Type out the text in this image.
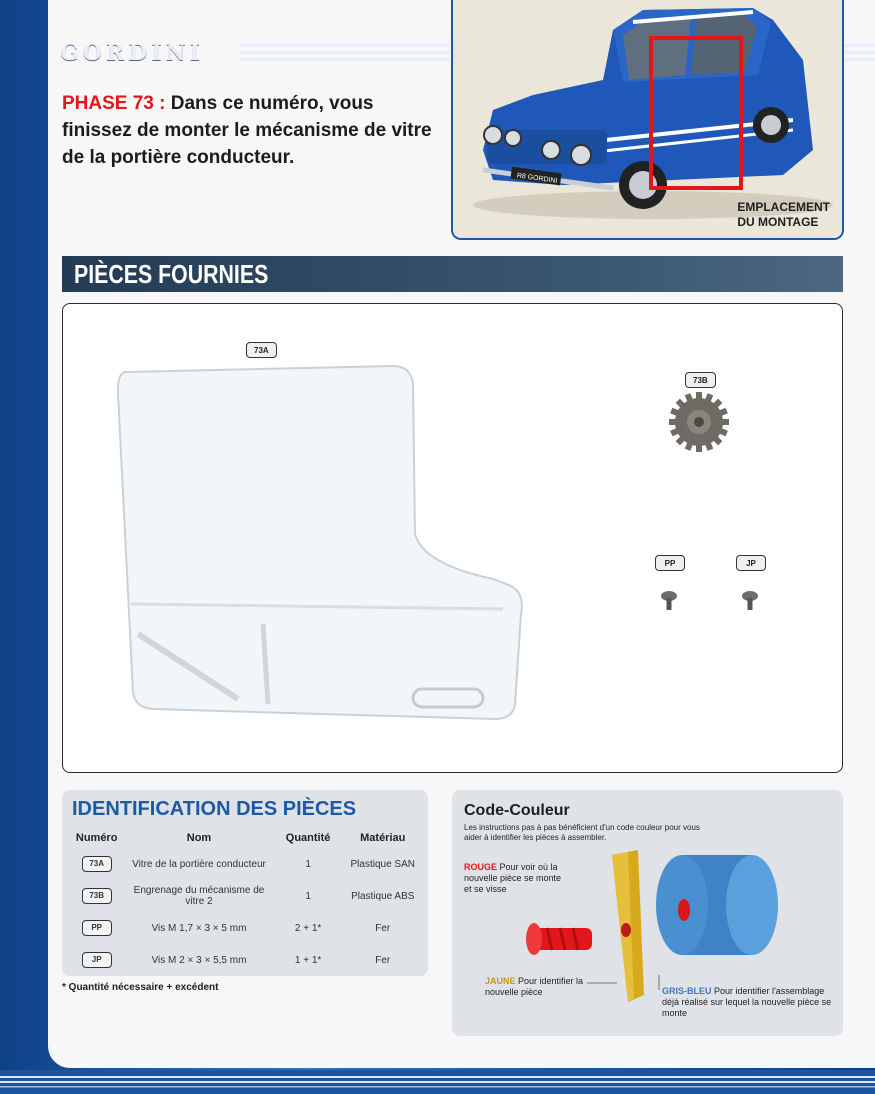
GORDINI
PHASE 73 : Dans ce numéro, vous finissez de monter le mécanisme de vitre de la portière conducteur.
R8 GORDINI
EMPLACEMENT
DU MONTAGE
PIÈCES FOURNIES
73A
73B
PP	JP
IDENTIFICATION DES PIÈCES
Numéro	Nom	Quantité	Matériau
73A	Vitre de la portière conducteur	1	Plastique SAN
73B	Engrenage du mécanisme de vitre 2	1	Plastique ABS
PP	Vis M 1,7 × 3 × 5 mm	2 + 1*	Fer
JP	Vis M 2 × 3 × 5,5 mm	1 + 1*	Fer
* Quantité nécessaire + excédent
Code-Couleur
Les instructions pas à pas bénéficient d'un code couleur pour vous aider à identifier les pièces à assembler.
ROUGE Pour voir où la nouvelle pièce se monte et se visse
JAUNE Pour identifier la nouvelle pièce	GRIS-BLEU Pour identifier l'assemblage déjà réalisé sur lequel la nouvelle pièce se monte
